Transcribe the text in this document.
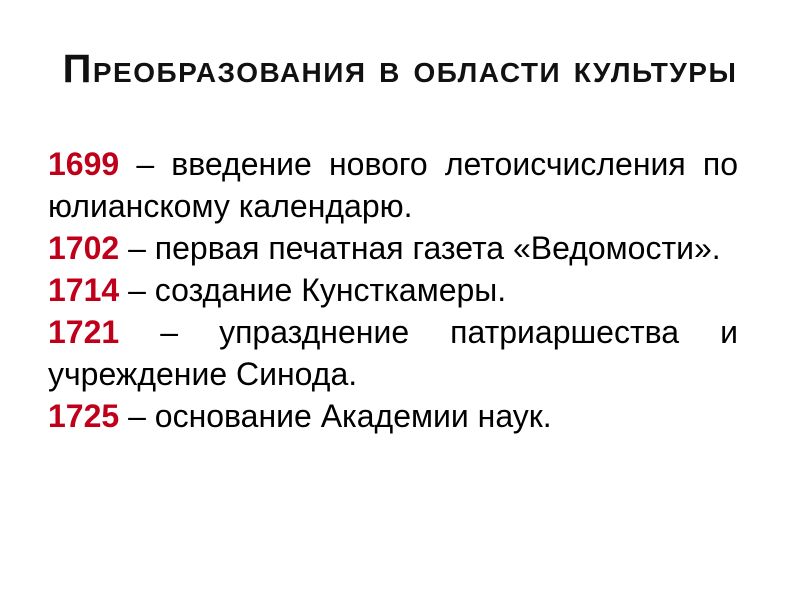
Преобразования в области культуры

1699 – введение нового летоисчисления по юлианскому календарю.

1702 – первая печатная газета «Ведомости».

1714 – создание Кунсткамеры.

1721 – упразднение патриаршества и учреждение Синода.

1725 – основание Академии наук.
